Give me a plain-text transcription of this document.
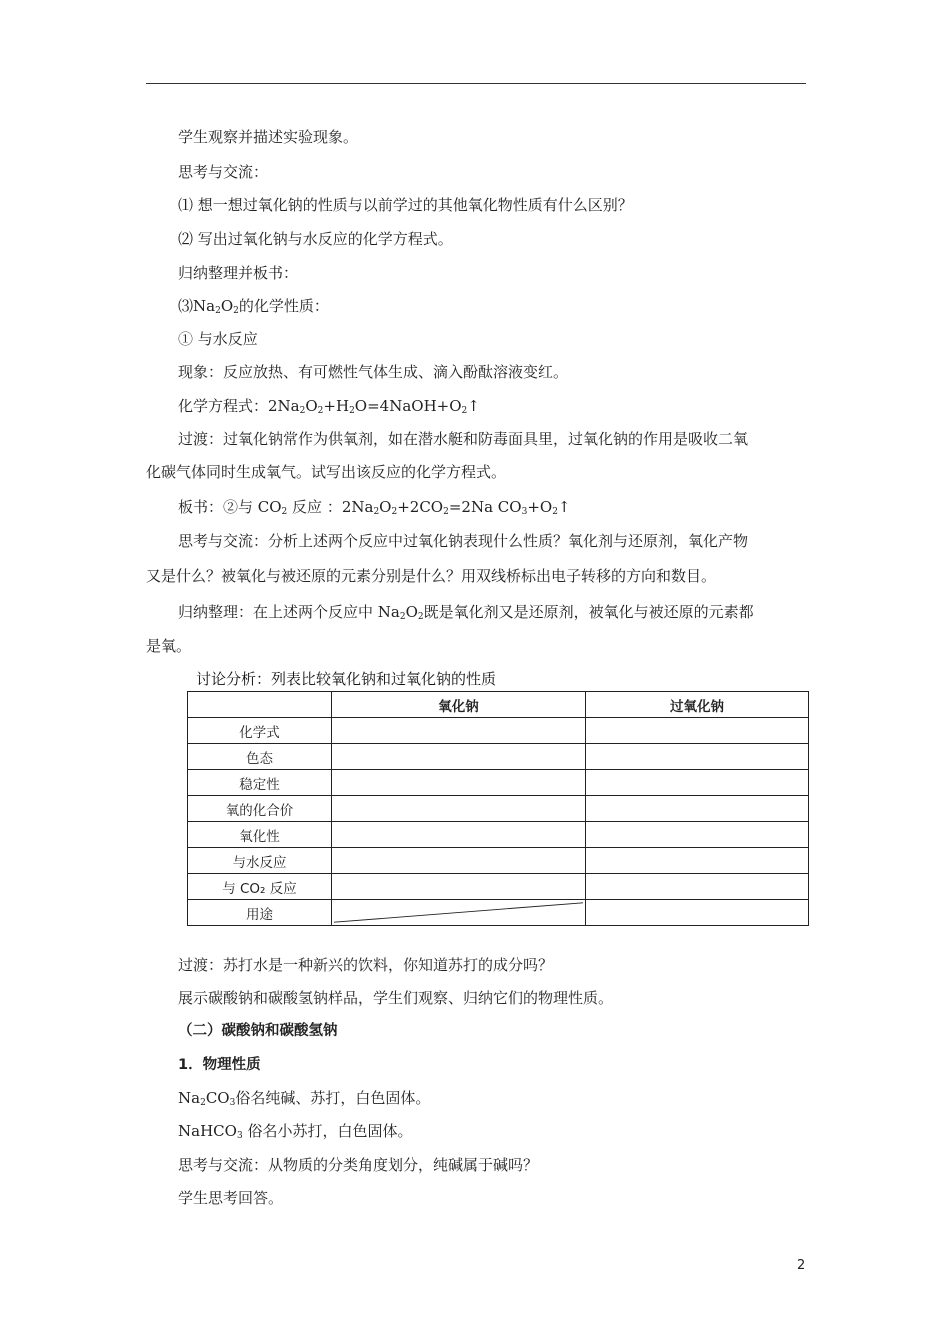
学生观察并描述实验现象。
思考与交流：
⑴ 想一想过氧化钠的性质与以前学过的其他氧化物性质有什么区别？
⑵ 写出过氧化钠与水反应的化学方程式。
归纳整理并板书：
$⑶Na_2O_2$的化学性质：
① 与水反应
现象：反应放热、有可燃性气体生成、滴入酚酞溶液变红。
化学方程式：$2Na_2O_2+H_2O=4NaOH+O_2↑$
过渡：过氧化钠常作为供氧剂，如在潜水艇和防毒面具里，过氧化钠的作用是吸收二氧
化碳气体同时生成氧气。试写出该反应的化学方程式。
板书：②与 $CO_2$ 反应 ：$2Na_2O_2+2CO_2=2Na$ $CO_3+O_2↑$
思考与交流：分析上述两个反应中过氧化钠表现什么性质？氧化剂与还原剂，氧化产物
又是什么？被氧化与被还原的元素分别是什么？用双线桥标出电子转移的方向和数目。
归纳整理：在上述两个反应中 $Na_2O_2$既是氧化剂又是还原剂，被氧化与被还原的元素都
是氧。
讨论分析：列表比较氧化钠和过氧化钠的性质
	氧化钠	过氧化钠
化学式		
色态		
稳定性		
氧的化合价		
氧化性		
与水反应		
与 CO₂ 反应		
用途	

过渡：苏打水是一种新兴的饮料，你知道苏打的成分吗？
展示碳酸钠和碳酸氢钠样品，学生们观察、归纳它们的物理性质。
（二）碳酸钠和碳酸氢钠
1．物理性质
$Na_2CO_3$俗名纯碱、苏打，白色固体。
NaHCO$_3$ 俗名小苏打，白色固体。
思考与交流：从物质的分类角度划分，纯碱属于碱吗？
学生思考回答。
2
